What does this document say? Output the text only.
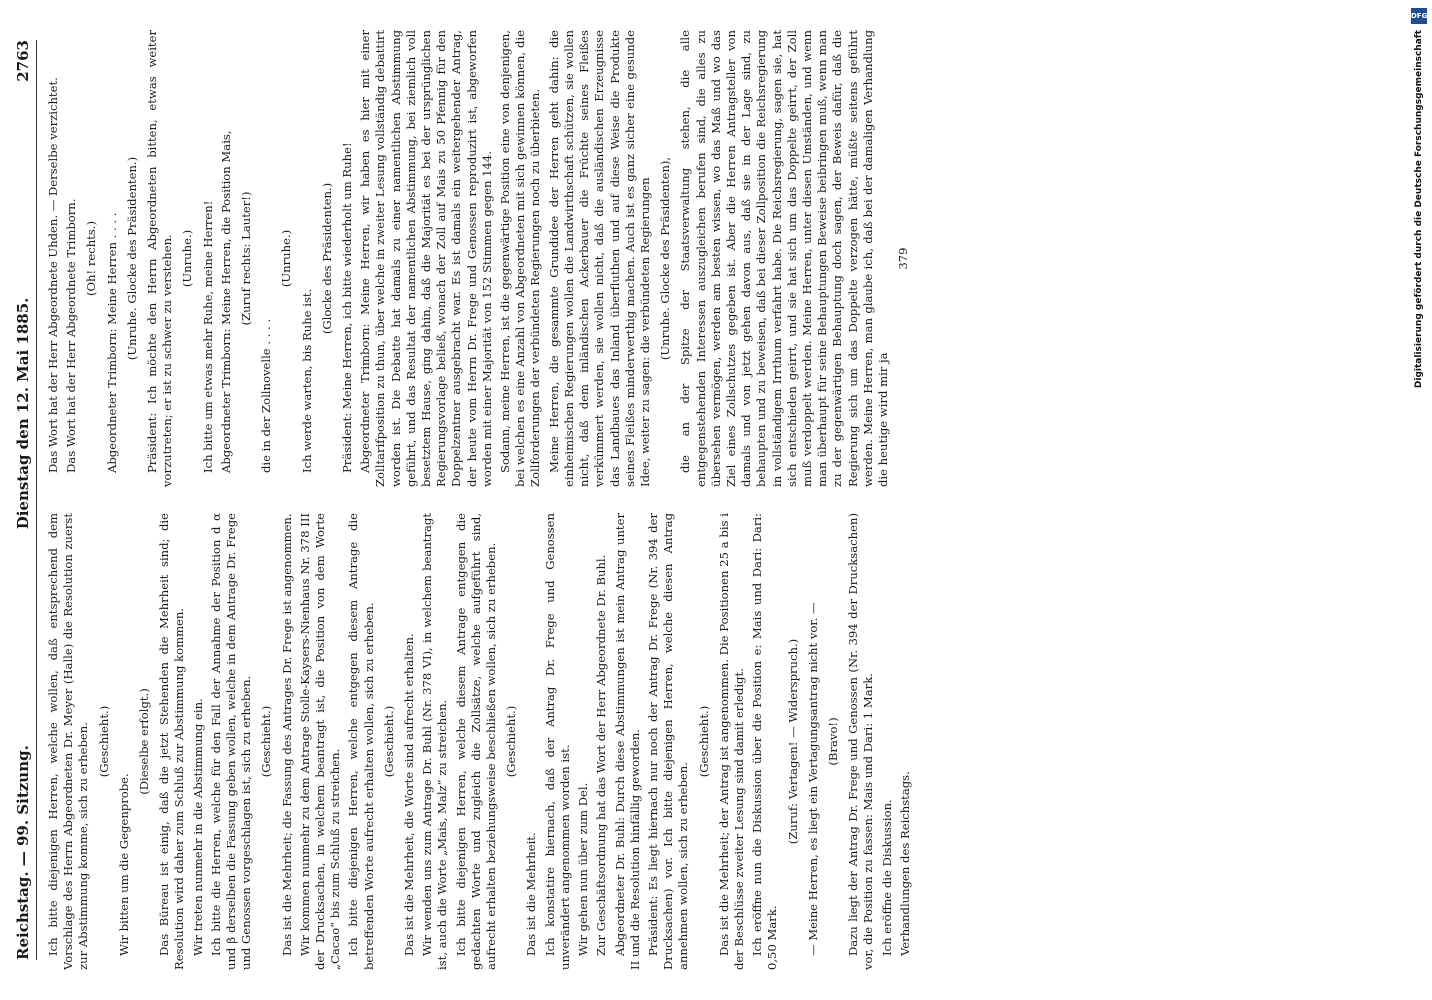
Reichstag. — 99. Sitzung.
Dienstag den 12. Mai 1885.
2763

Ich bitte diejenigen Herren, welche wollen, daß entsprechend dem Vorschlage des Herrn Abgeordneten Dr. Meyer (Halle) die Resolution zuerst zur Abstimmung komme, sich zu erheben. (Geschieht.)

Wir bitten um die Gegenprobe.

(Dieselbe erfolgt.) Das Büreau ist einig, daß die jetzt Stehenden die Mehrheit sind; die Resolution wird daher zum Schluß zur Abstimmung kommen. Wir treten nunmehr in die Abstimmung ein. Ich bitte die Herren, welche für den Fall der Annahme der Position d α und β derselben die Fassung geben wollen, welche in dem Antrage Dr. Frege und Genossen vorgeschlagen ist, sich zu erheben. (Geschieht.) Das ist die Mehrheit; die Fassung des Antrages Dr. Frege ist angenommen. Wir kommen nunmehr zu dem Antrage Stolle-Kaysers-Nienhaus Nr. 378 III der Drucksachen, in welchem beantragt ist, die Position von dem Worte „Cacao“ bis zum Schluß zu streichen. Ich bitte diejenigen Herren, welche entgegen diesem Antrage die betreffenden Worte aufrecht erhalten wollen, sich zu erheben. (Geschieht.) Das ist die Mehrheit, die Worte sind aufrecht erhalten. Wir wenden uns zum Antrage Dr. Buhl (Nr. 378 VI), in welchem beantragt ist, auch die Worte „Mais, Malz“ zu streichen. Ich bitte diejenigen Herren, welche diesem Antrage entgegen die gedachten Worte und zugleich die Zollsätze, welche aufgeführt sind, aufrecht erhalten beziehungsweise beschließen wollen, sich zu erheben. (Geschieht.)

Das ist die Mehrheit. Ich konstatire hiernach, daß der Antrag Dr. Frege und Genossen unverändert angenommen worden ist. Wir gehen nun über zum Del. Zur Geschäftsordnung hat das Wort der Herr Abgeordnete Dr. Buhl. Abgeordneter Dr. Buhl: Durch diese Abstimmungen ist mein Antrag unter II und die Resolution hinfällig geworden. Präsident: Es liegt hiernach nur noch der Antrag Dr. Frege (Nr. 394 der Drucksachen) vor. Ich bitte diejenigen Herren, welche diesen Antrag annehmen wollen, sich zu erheben.

(Geschieht.) Das ist die Mehrheit; der Antrag ist angenommen. Die Positionen 25 a bis i der Beschlüsse zweiter Lesung sind damit erledigt. Ich eröffne nun die Diskussion über die Position e: Mais und Dari: Dari: 0,50 Mark.

(Zuruf: Vertagen! — Widerspruch.) — Meine Herren, es liegt ein Vertagungsantrag nicht vor. — (Bravo!) Dazu liegt der Antrag Dr. Frege und Genossen (Nr. 394 der Drucksachen) vor, die Position zu fassen: Mais und Dari: 1 Mark. Ich eröffne die Diskussion. Verhandlungen des Reichstags.

Das Wort hat der Herr Abgeordnete Uhden. — Derselbe verzichtet. Das Wort hat der Herr Abgeordnete Trimborn. (Oh! rechts.) Abgeordneter Trimborn: Meine Herren . . . . (Unruhe. Glocke des Präsidenten.) Präsident: Ich möchte den Herrn Abgeordneten bitten, etwas weiter vorzutreten; er ist zu schwer zu verstehen. (Unruhe.) Ich bitte um etwas mehr Ruhe, meine Herren! Abgeordneter Trimborn: Meine Herren, die Position Mais, (Zuruf rechts: Lauter!)

die in der Zollnovelle . . . .

(Unruhe.)

Ich werde warten, bis Ruhe ist.

(Glocke des Präsidenten.) Präsident: Meine Herren, ich bitte wiederholt um Ruhe! Abgeordneter Trimborn: Meine Herren, wir haben es hier mit einer Zolltarifposition zu thun, über welche in zweiter Lesung vollständig debattirt worden ist. Die Debatte hat damals zu einer namentlichen Abstimmung geführt, und das Resultat der namentlichen Abstimmung, bei ziemlich voll besetztem Hause, ging dahin, daß die Majorität es bei der ursprünglichen Regierungsvorlage beließ, wonach der Zoll auf Mais zu 50 Pfennig für den Doppelzentner ausgebracht war. Es ist damals ein weitergehender Antrag, der heute vom Herrn Dr. Frege und Genossen reproduzirt ist, abgeworfen worden mit einer Majorität von 152 Stimmen gegen 144. Sodann, meine Herren, ist die gegenwärtige Position eine von denjenigen, bei welchen es eine Anzahl von Abgeordneten mit sich gewinnen können, die Zollforderungen der verbündeten Regierungen noch zu überbieten. Meine Herren, die gesammte Grundidee der Herren geht dahin: die einheimischen Regierungen wollen die Landwirthschaft schützen, sie wollen nicht, daß dem inländischen Ackerbauer die Früchte seines Fleißes verkümmert werden, sie wollen nicht, daß die ausländischen Erzeugnisse das Landbaues das Inland überfluthen und auf diese Weise die Produkte seines Fleißes minderwerthig machen. Auch ist es ganz sicher eine gesunde Idee, weiter zu sagen: die verbündeten Regierungen (Unruhe. Glocke des Präsidenten), die an der Spitze der Staatsverwaltung stehen, die alle entgegenstehenden Interessen auszugleichen berufen sind, die alles zu übersehen vermögen, werden am besten wissen, wo das Maß und wo das Ziel eines Zollschutzes gegeben ist. Aber die Herren Antragsteller von damals und von jetzt gehen davon aus, daß sie in der Lage sind, zu behaupten und zu beweisen, daß bei dieser Zollposition die Reichsregierung in vollständigem Irrthum verfahrt habe. Die Reichsregierung, sagen sie, hat sich entschieden geirrt, und sie hat sich um das Doppelte geirrt, der Zoll muß verdoppelt werden. Meine Herren, unter diesen Umständen, und wenn man überhaupt für seine Behauptungen Beweise beibringen muß, wenn man zu der gegenwärtigen Behauptung doch sagen, der Beweis dafür, daß die Regierung sich um das Doppelte verzogen hätte, müßte seitens geführt werden. Meine Herren, man glaube ich, daß bei der damaligen Verhandlung die heutige wird mir ja

379

DFG
Digitalisierung gefördert durch die Deutsche Forschungsgemeinschaft
